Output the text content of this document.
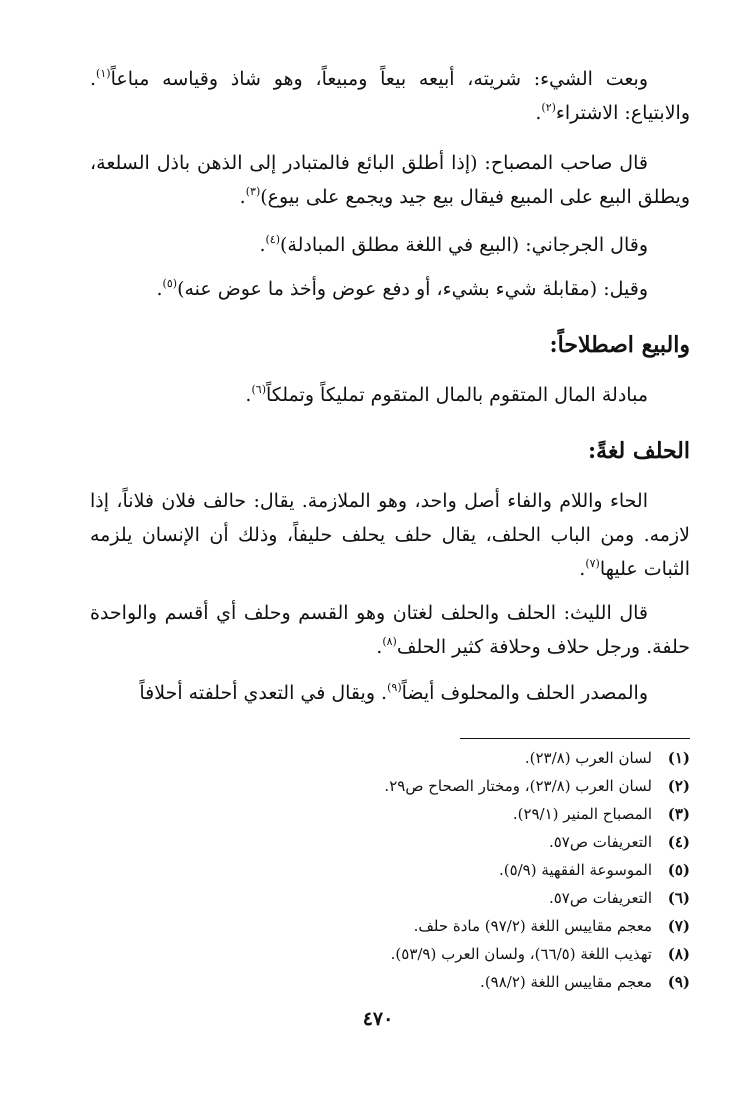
وبعت الشيء: شريته، أبيعه بيعاً ومبيعاً، وهو شاذ وقياسه مباعاً$^{(١)}$. والابتياع: الاشتراء$^{(٢)}$.

قال صاحب المصباح: (إذا أطلق البائع فالمتبادر إلى الذهن باذل السلعة، ويطلق البيع على المبيع فيقال بيع جيد ويجمع على بيوع)$^{(٣)}$.

وقال الجرجاني: (البيع في اللغة مطلق المبادلة)$^{(٤)}$.

وقيل: (مقابلة شيء بشيء، أو دفع عوض وأخذ ما عوض عنه)$^{(٥)}$.

والبيع اصطلاحاً:

مبادلة المال المتقوم بالمال المتقوم تمليكاً وتملكاً$^{(٦)}$.

الحلف لغةً:

الحاء واللام والفاء أصل واحد، وهو الملازمة. يقال: حالف فلان فلاناً، إذا لازمه. ومن الباب الحلف، يقال حلف يحلف حليفاً، وذلك أن الإنسان يلزمه الثبات عليها$^{(٧)}$.

قال الليث: الحلف والحلف لغتان وهو القسم وحلف أي أقسم والواحدة حلفة. ورجل حلاف وحلافة كثير الحلف$^{(٨)}$.

والمصدر الحلف والمحلوف أيضاً$^{(٩)}$. ويقال في التعدي أحلفته أحلافاً

(١)لسان العرب (٢٣/٨).
(٢)لسان العرب (٢٣/٨)، ومختار الصحاح ص٢٩.
(٣)المصباح المنير (٢٩/١).
(٤)التعريفات ص٥٧.
(٥)الموسوعة الفقهية (٥/٩).
(٦)التعريفات ص٥٧.
(٧)معجم مقاييس اللغة (٩٧/٢) مادة حلف.
(٨)تهذيب اللغة (٦٦/٥)، ولسان العرب (٥٣/٩).
(٩)معجم مقاييس اللغة (٩٨/٢).
٤٧٠
